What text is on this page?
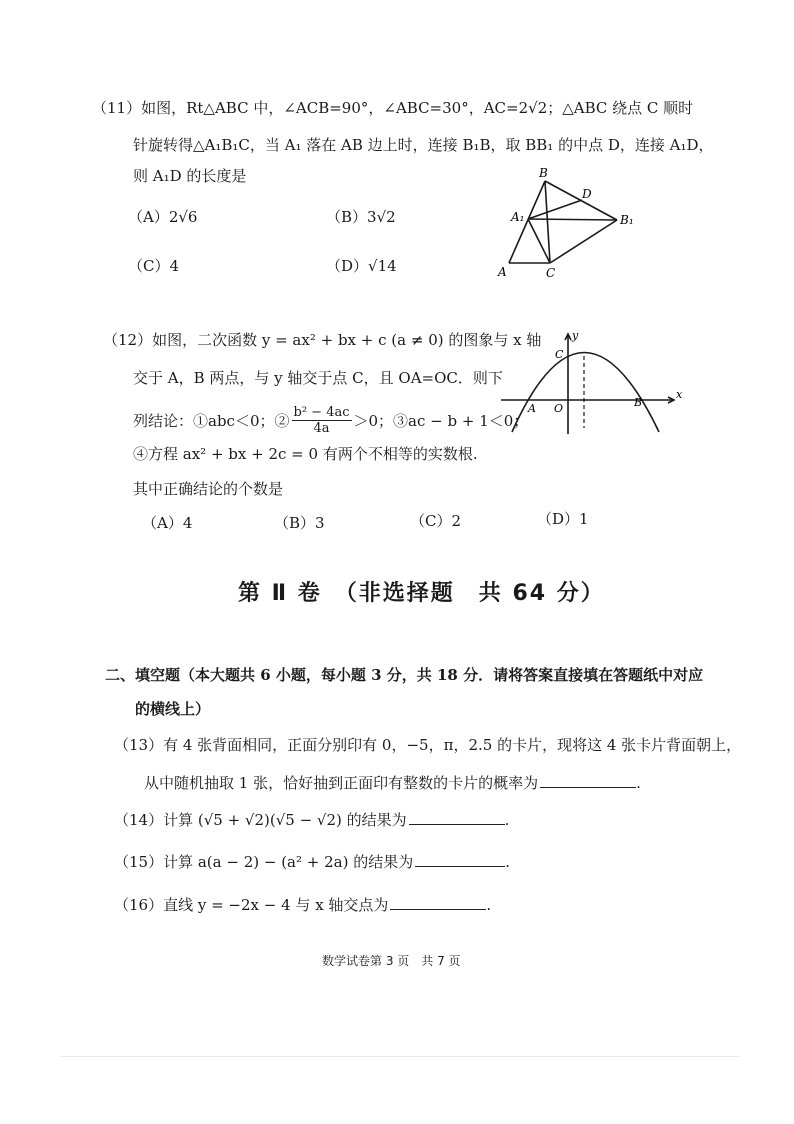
（11）如图，Rt△ABC 中，∠ACB=90°，∠ABC=30°，AC=2√2；△ABC 绕点 C 顺时
针旋转得△A₁B₁C，当 A₁ 落在 AB 边上时，连接 B₁B，取 BB₁ 的中点 D，连接 A₁D，
则 A₁D 的长度是
（A）2√6	（B）3√2
（C）4	（D）√14
B
D
A₁	B₁
A	C
（12）如图，二次函数 y = ax² + bx + c (a ≠ 0) 的图象与 x 轴
交于 A，B 两点，与 y 轴交于点 C，且 OA=OC．则下
列结论：①abc＜0；② $\frac{\text{b² − 4ac}}{4a} >0$；③ac − b + 1＜0；
④方程 ax² + bx + 2c = 0 有两个不相等的实数根.
其中正确结论的个数是
（A）4	（B）3	（C）2	（D）1
y
C
A O	B
x
第 Ⅱ 卷　（非选择题　共 64 分）
二、填空题（本大题共 6 小题，每小题 3 分，共 18 分．请将答案直接填在答题纸中对应
的横线上）
（13）有 4 张背面相同，正面分别印有 0，−5，π，2.5 的卡片，现将这 4 张卡片背面朝上，
从中随机抽取 1 张，恰好抽到正面印有整数的卡片的概率为	.
（14）计算 (√5 + √2)(√5 − √2) 的结果为	.
（15）计算 a(a − 2) − (a² + 2a) 的结果为	.
（16）直线 y = −2x − 4 与 x 轴交点为	.
数学试卷第 3 页　共 7 页
